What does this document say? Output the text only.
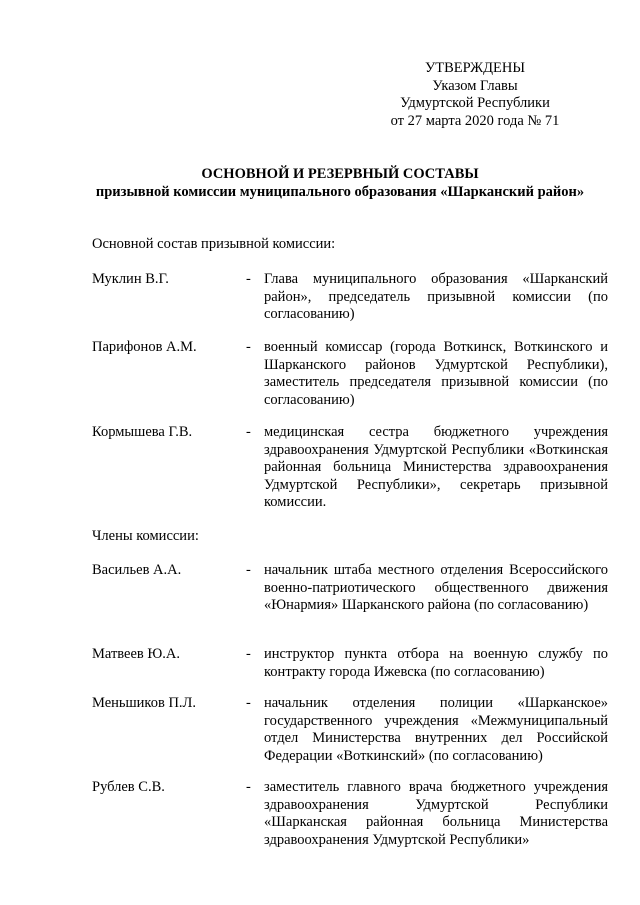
УТВЕРЖДЕНЫ
Указом Главы
Удмуртской Республики
от 27 марта 2020 года № 71
ОСНОВНОЙ И РЕЗЕРВНЫЙ СОСТАВЫ
призывной комиссии муниципального образования «Шарканский район»
Основной состав призывной комиссии:
Муклин В.Г.	- Глава муниципального образования «Шарканский район», председатель призывной комиссии (по согласованию)
Парифонов А.М.	- военный комиссар (города Воткинск, Воткинского и Шарканского районов Удмуртской Республики), заместитель председателя призывной комиссии (по согласованию)
Кормышева Г.В.	- медицинская сестра бюджетного учреждения здравоохранения Удмуртской Республики «Воткинская районная больница Министерства здравоохранения Удмуртской Республики», секретарь призывной комиссии.
Члены комиссии:
Васильев А.А.	- начальник штаба местного отделения Всероссийского военно-патриотического общественного движения «Юнармия» Шарканского района (по согласованию)
Матвеев Ю.А.	- инструктор пункта отбора на военную службу по контракту города Ижевска (по согласованию)
Меньшиков П.Л.	- начальник отделения полиции «Шарканское» государственного учреждения «Межмуниципальный отдел Министерства внутренних дел Российской Федерации «Воткинский» (по согласованию)
Рублев С.В.	- заместитель главного врача бюджетного учреждения здравоохранения Удмуртской Республики «Шарканская районная больница Министерства здравоохранения Удмуртской Республики»
